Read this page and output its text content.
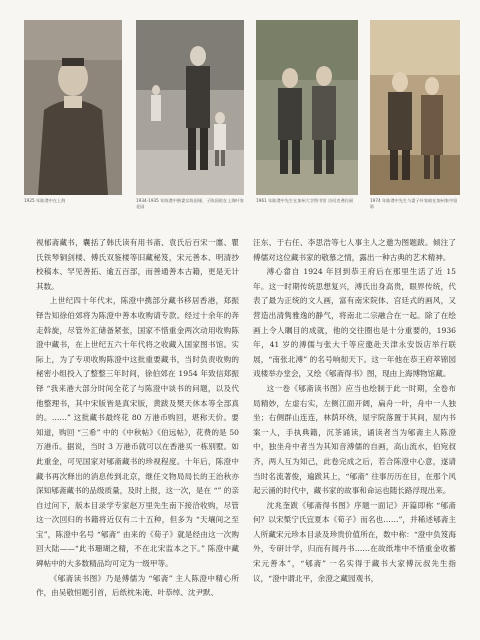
1925 年陈澄中在上海	1934-1935 年陈澄中偕妻女陈国瑾、子陈国琅在上海叶家花园
1961 年陈澄中先生在加州大学图书馆 访问克弗拉丽	1974 年陈澄中先生与妻子叶家暗在加州家中留影

视郁斋藏书，囊括了韩氏读有用书斋、袁氏后百宋一廛、瞿氏铁琴铜剑楼、傅氏双鉴楼等旧藏秘笈，宋元善本、明清抄校稿本、罕见善拓、逾五百部，而善通善本古籍，更是无计其数。

上世纪四十年代末，陈澄中携部分藏书移居香港，郑振铎告知徐伯郊将为陈澄中善本收购请专款。经过十余年的奔走斡旋，尽管外汇储备紧张，国家不惜重金两次动用收购陈澄中藏书，在上世纪五六十年代将之收藏入国家图书馆。实际上，为了专项收购陈澄中这批重要藏书，当时负责收购的秘密小组投入了整整三年时间，徐伯郊在 1954 年致信郑振铎 “我来港大部分时间全花了与陈澄中谈书的问题，以及代他整理书，其中宋版皆是真宋版，黄跋及樊天休本等全部真的。……” 这批藏书最终花 80 万港币购回，堪称天价。要知道，购回 “三希” 中的《中秋帖》《伯远帖》，花费的是 50 万港币。据说，当时 3 万港币就可以在香港买一栋别墅。如此重金，可见国家对郇斋藏书的珍视程度。十年后，陈澄中藏书再次释出的消息传到北京，继任文物局局长的王治秋亦深知郇斋藏书的品级质量，及时上报，这一次，是在 “” 的亲自过问下，版本目录学专家赵万里先生南下接洽收购，尽管这一次回归的书籍将近仅有二十五种，但多为 “天壤间之至宝”，陈澄中名号 “郇斋” 由来的《荀子》就是经由这一次购回大陆——“此书珊瑚之精，不在北宋监本之下。” 陈澄中藏碑帖中的大多数精品均可定为一级甲等。

《郇斋读书图》乃是傅儒为 “郇斋” 主人陈澄中精心所作，由吴敬恒题引首，后纸枕朱淹、叶恭绰、沈尹默、

汪东、于右任、李思浩等七人事主人之邀为图题跋。倾注了傅儒对这位藏书家的敬慕之情，露出一种古典的艺术精神。

溥心畲自 1924 年回到恭王府后在那里生活了近 15 年。这一时期传统思想复兴，溥氏出身高贵，眼界传统，代表了最为正统的文人画，富有南宋院体、宫廷式的画风，又营造出清隽雅逸的静气，将南北二宗融合在一起。除了在绘画上令人瞩目的成就，他的交往圈也是十分重要的，1936 年，41 岁的溥儒与张大千等应邀赴天津永安饭店举行联展，“南张北溥” 的名号响彻天下。这一年他在恭王府萃锦园戏楼举办堂会，又绘《郇斋得书》图，现由上海博物馆藏。

这一卷《郇斋读书图》应当也绘制于此一时期，全卷布局精妙，左虚右实，左侧江面开阔，扁舟一叶，舟中一人独坐；右侧群山连连，林荫环绕，屋宇院落置于其间，屋内书案一人，手执典籍，沉茶诵读，诵读者当为郇斋主人陈澄中，独坐舟中者当为其知音溥儒的自画，高山流水，伯宛叔齐，两人互为知己，此卷完成之后，若合陈澄中心意，遂请当时名流著俊，遍跋其上，“郇斋” 往事历历在目，在那个风起云涌的时代中，藏书家的故事和命运也随长路浮现出来。

沈兆奎跋《郇斋得书图》序题一面记》开篇即称 “郇斋何？以宋椠宁氏宜夏本《荀子》而名也……”，并稀述郇斋主人所藏宋元珍本目录及珍贵价值所在，数中称：“澄中负笈海外，专研计学，归而有闻丹书……在故纸堆中不惜重金收蓄宋元善本”，“郇斋” 一名实得于藏书大家傅沅叔先生指议，“澄中谓北平，余澄之藏园观书，
